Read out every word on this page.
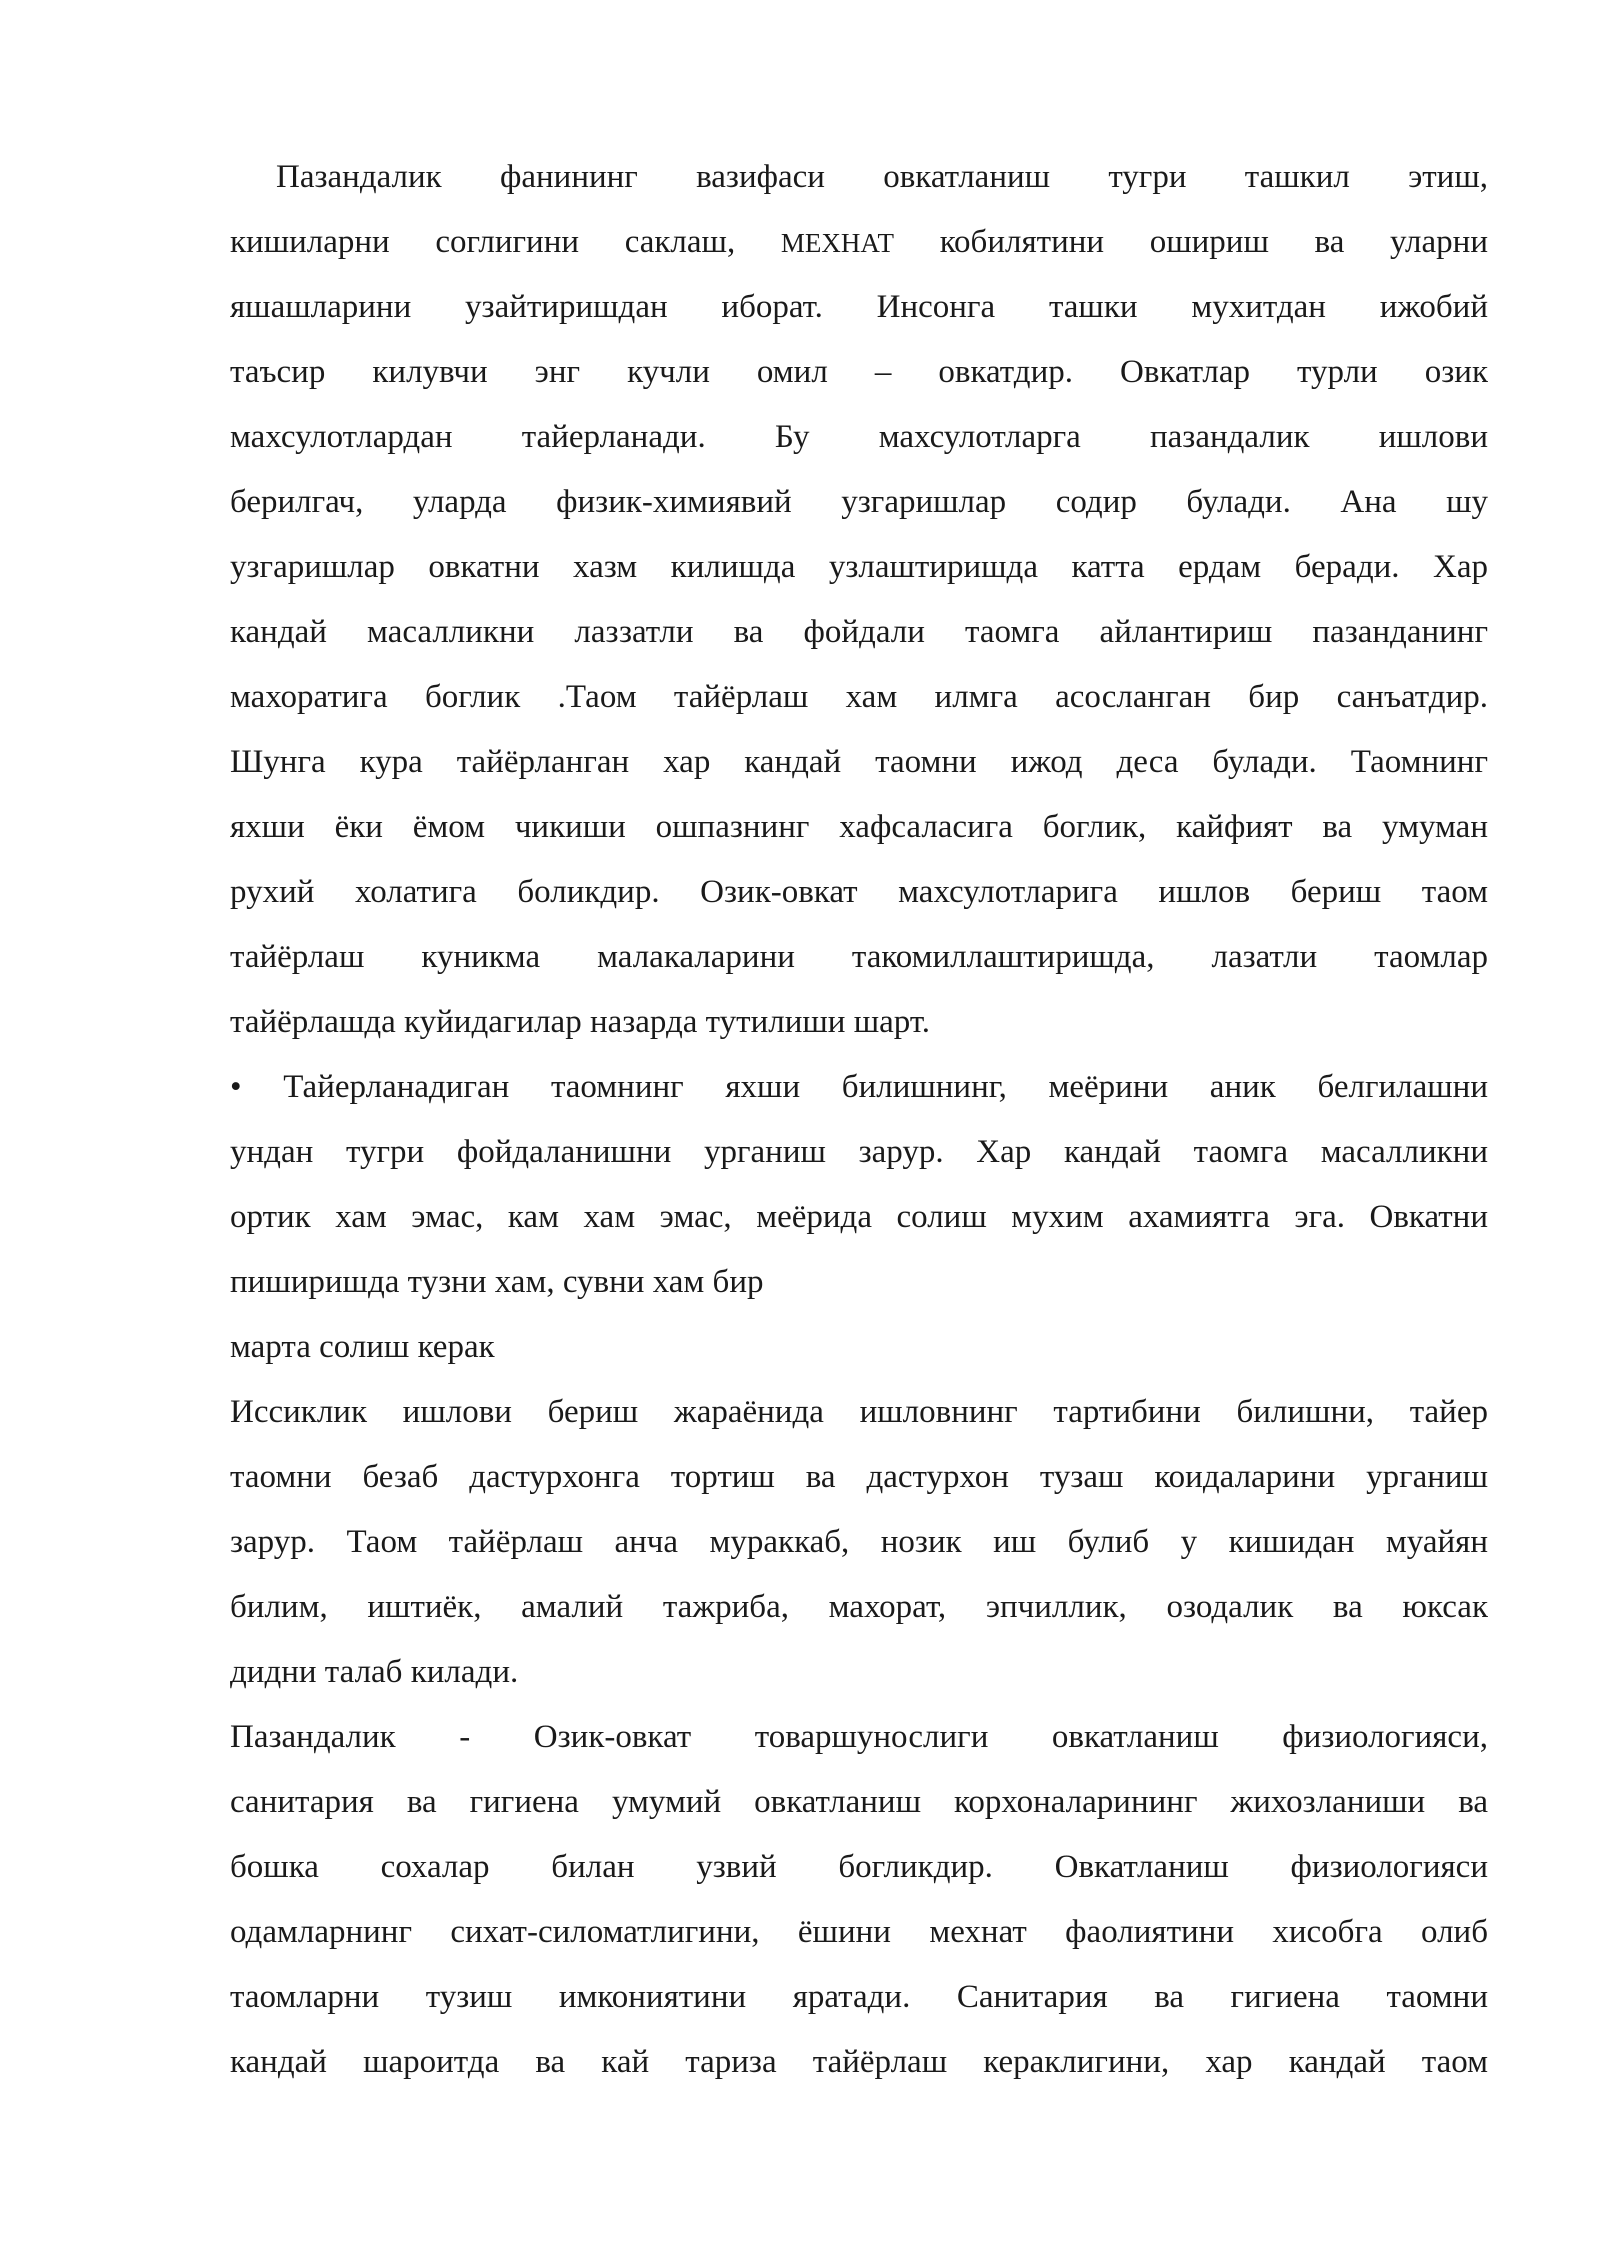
Пазандалик фанининг вазифаси овкатланиш тугри ташкил этиш,
кишиларни соглигини саклаш, МЕХНАТ кобилятини ошириш ва уларни
яшашларини узайтиришдан иборат. Инсонга ташки мухитдан ижобий
таъсир килувчи энг кучли омил – овкатдир. Овкатлар турли озик
махсулотлардан тайерланади. Бу махсулотларга пазандалик ишлови
берилгач, уларда физик-химиявий узгаришлар содир булади. Ана шу
узгаришлар овкатни хазм килишда узлаштиришда катта ердам беради. Хар
кандай масалликни лаззатли ва фойдали таомга айлантириш пазанданинг
махоратига боглик .Таом тайёрлаш хам илмга асосланган бир санъатдир.
Шунга кура тайёрланган хар кандай таомни ижод деса булади. Таомнинг
яхши ёки ёмом чикиши ошпазнинг хафсаласига боглик, кайфият ва умуман
рухий холатига боликдир. Озик-овкат махсулотларига ишлов бериш таом
тайёрлаш куникма малакаларини такомиллаштиришда, лазатли таомлар
тайёрлашда куйидагилар назарда тутилиши шарт.
• Тайерланадиган таомнинг яхши билишнинг, меёрини аник белгилашни
ундан тугри фойдаланишни урганиш зарур. Хар кандай таомга масалликни
ортик хам эмас, кам хам эмас, меёрида солиш мухим ахамиятга эга. Овкатни
пиширишда тузни хам, сувни хам бир
марта солиш керак
Иссиклик ишлови бериш жараёнида ишловнинг тартибини билишни, тайер
таомни безаб дастурхонга тортиш ва дастурхон тузаш коидаларини урганиш
зарур. Таом тайёрлаш анча мураккаб, нозик иш булиб у кишидан муайян
билим, иштиёк, амалий тажриба, махорат, эпчиллик, озодалик ва юксак
дидни талаб килади.
Пазандалик - Озик-овкат товаршунослиги овкатланиш физиологияси,
санитария ва гигиена умумий овкатланиш корхоналарининг жихозланиши ва
бошка сохалар билан узвий богликдир. Овкатланиш физиологияси
одамларнинг сихат-силоматлигини, ёшини мехнат фаолиятини хисобга олиб
таомларни тузиш имкониятини яратади. Санитария ва гигиена таомни
кандай шароитда ва кай тариза тайёрлаш кераклигини, хар кандай таом
